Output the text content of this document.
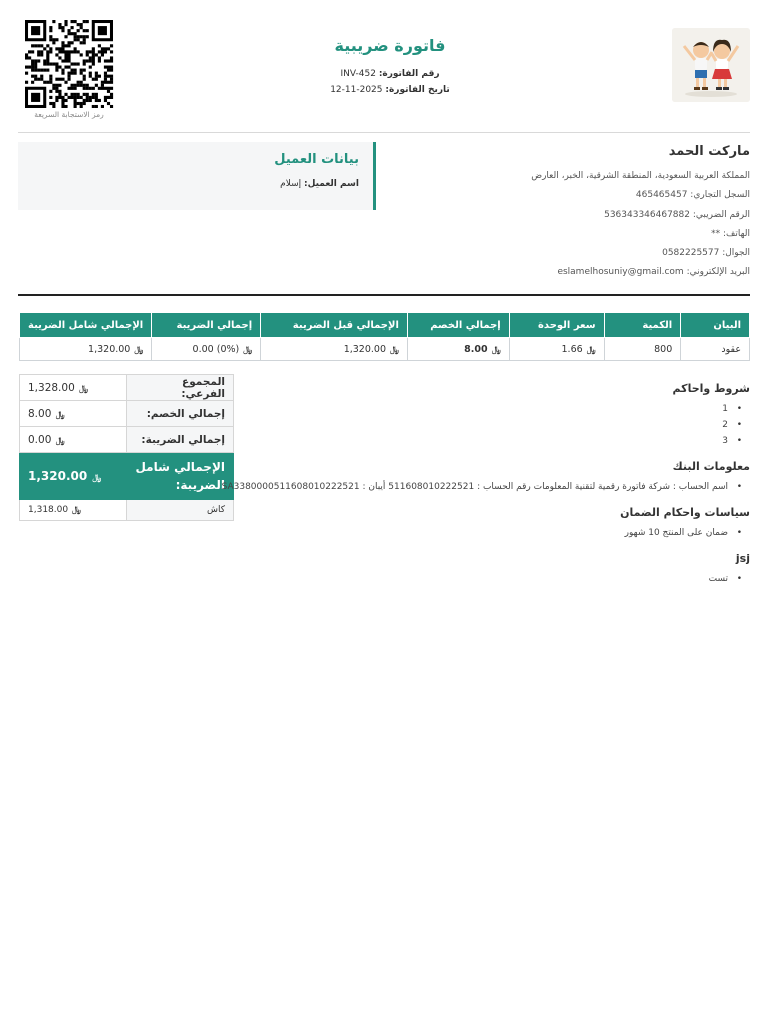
فاتورة ضريبية
رقم الفاتورة: INV-452
تاريخ الفاتورة: 2025-11-12
رمز الاستجابة السريعة
ماركت الحمد
المملكة العربية السعودية، المنطقة الشرقية، الخبر، العارض
السجل التجاري: 465465457
الرقم الضريبي: 536343346467882
الهاتف: **
الجوال: 0582225577
البريد الإلكتروني: eslamelhosuniy@gmail.com
بيانات العميل
اسم العميل: إسلام
البيان	الكمية	سعر الوحدة	إجمالي الخصم	الإجمالي قبل الضريبة	إجمالي الضريبة	الإجمالي شامل الضريبة
عقود	800	﷼ 1.66	﷼ 8.00	﷼ 1,320.00	﷼ (0%) 0.00	﷼ 1,320.00
المجموع الفرعي:	﷼ 1,328.00
إجمالي الخصم:	﷼ 8.00
إجمالي الضريبة:	﷼ 0.00
الإجمالي شامل الضريبة:	﷼ 1,320.00
كاش	﷼ 1,318.00
شروط واحاكم
• 1
• 2
• 3
معلومات البنك
• اسم الحساب : شركة فاتورة رقمية لتقنية المعلومات رقم الحساب : 511608010222521 أيبان : SA3380000511608010222521
سياسات واحكام الضمان
• ضمان على المنتج 10 شهور
jsj
• تست
